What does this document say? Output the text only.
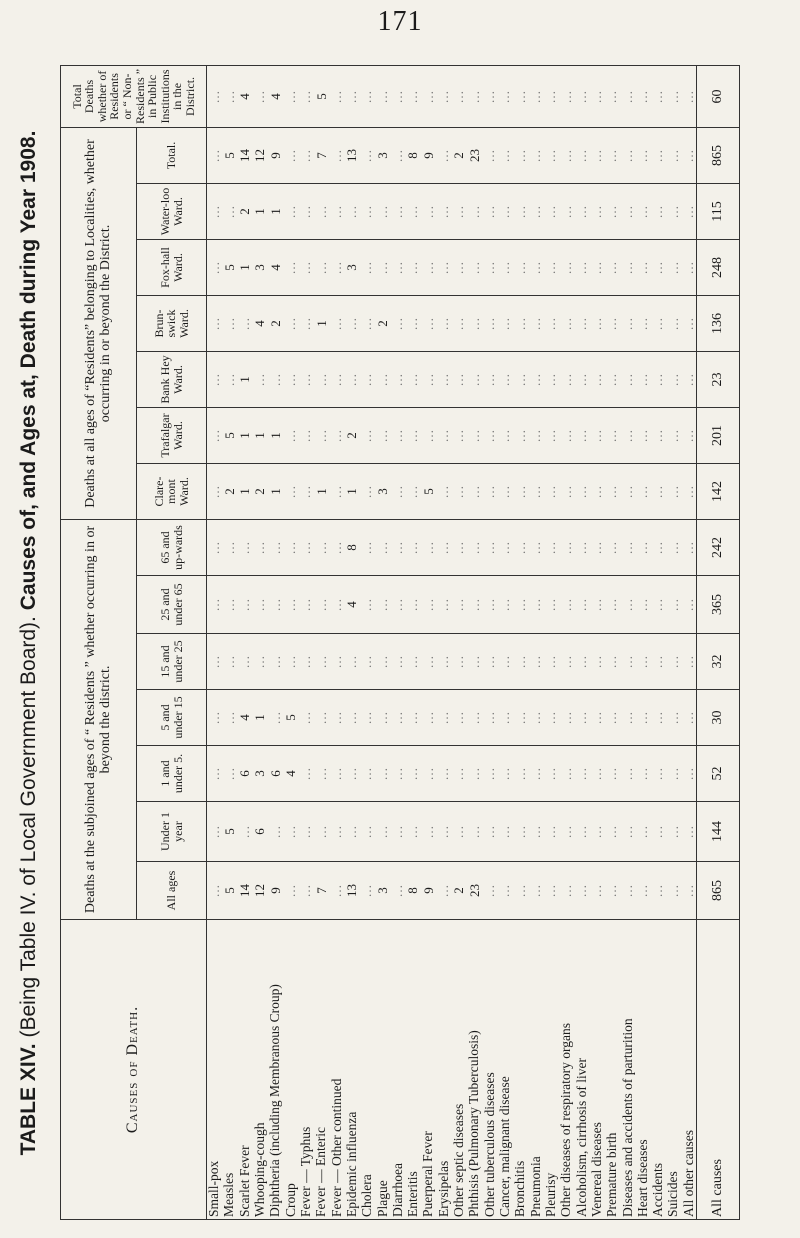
171
TABLE XIV. (Being Table IV. of Local Government Board). Causes of, and Ages at, Death during Year 1908.
Causes of Death.	Deaths at the subjoined ages of “ Residents ” whether occurring in or beyond the district.							Deaths at all ages of “Residents” belonging to Localities, whether occurring in or beyond the District.							Total Deaths whether of Residents or “ Non-Residents ” in Public Institutions in the District.
	All ages	Under 1 year	1 and under 5.	5 and under 15	15 and under 25	25 and under 65	65 and up-wards	Clare-mont Ward.	Trafalgar Ward.	Bank Hey Ward.	Brun-swick Ward.	Fox-hall Ward.	Water-loo Ward.	Total.	
Small-pox	…	…	…	…	…	…	…	…	…	…	…	…	…	…	…
Measles	5	5	…	…	…	…	…	2	5	…	…	5	…	5	…
Scarlet Fever	14	…	6	4	…	…	…	1	1	1	…	1	2	14	4
Whooping-cough	12	6	3	1	…	…	…	2	1	…	4	3	1	12	…
Diphtheria (including Membranous Croup)	9	…	6	…	…	…	…	1	1	…	2	4	1	9	4
Croup	…	…	4	5	…	…	…	…	…	…	…	…	…	…	…
Fever — Typhus	…	…	…	…	…	…	…	…	…	…	…	…	…	…	…
Fever — Enteric	7	…	…	…	…	…	…	1	…	…	1	…	…	7	5
Fever — Other continued	…	…	…	…	…	…	…	…	…	…	…	…	…	…	…
Epidemic influenza	13	…	…	…	…	4	8	1	2	…	…	3	…	13	…
Cholera	…	…	…	…	…	…	…	…	…	…	…	…	…	…	…
Plague	3	…	…	…	…	…	…	3	…	…	2	…	…	3	…
Diarrhoea	…	…	…	…	…	…	…	…	…	…	…	…	…	…	…
Enteritis	8	…	…	…	…	…	…	…	…	…	…	…	…	8	…
Puerperal Fever	9	…	…	…	…	…	…	5	…	…	…	…	…	9	…
Erysipelas	…	…	…	…	…	…	…	…	…	…	…	…	…	…	…
Other septic diseases	2	…	…	…	…	…	…	…	…	…	…	…	…	2	…
Phthisis (Pulmonary Tuberculosis)	23	…	…	…	…	…	…	…	…	…	…	…	…	23	…
Other tuberculous diseases	…	…	…	…	…	…	…	…	…	…	…	…	…	…	…
Cancer, malignant disease	…	…	…	…	…	…	…	…	…	…	…	…	…	…	…
Bronchitis	…	…	…	…	…	…	…	…	…	…	…	…	…	…	…
Pneumonia	…	…	…	…	…	…	…	…	…	…	…	…	…	…	…
Pleurisy	…	…	…	…	…	…	…	…	…	…	…	…	…	…	…
Other diseases of respiratory organs	…	…	…	…	…	…	…	…	…	…	…	…	…	…	…
Alcoholism, cirrhosis of liver	…	…	…	…	…	…	…	…	…	…	…	…	…	…	…
Venereal diseases	…	…	…	…	…	…	…	…	…	…	…	…	…	…	…
Premature birth	…	…	…	…	…	…	…	…	…	…	…	…	…	…	…
Diseases and accidents of parturition	…	…	…	…	…	…	…	…	…	…	…	…	…	…	…
Heart diseases	…	…	…	…	…	…	…	…	…	…	…	…	…	…	…
Accidents	…	…	…	…	…	…	…	…	…	…	…	…	…	…	…
Suicides	…	…	…	…	…	…	…	…	…	…	…	…	…	…	…
All other causes	…	…	…	…	…	…	…	…	…	…	…	…	…	…	…
All causes	865	144	52	30	32	365	242	142	201	23	136	248	115	865	60
